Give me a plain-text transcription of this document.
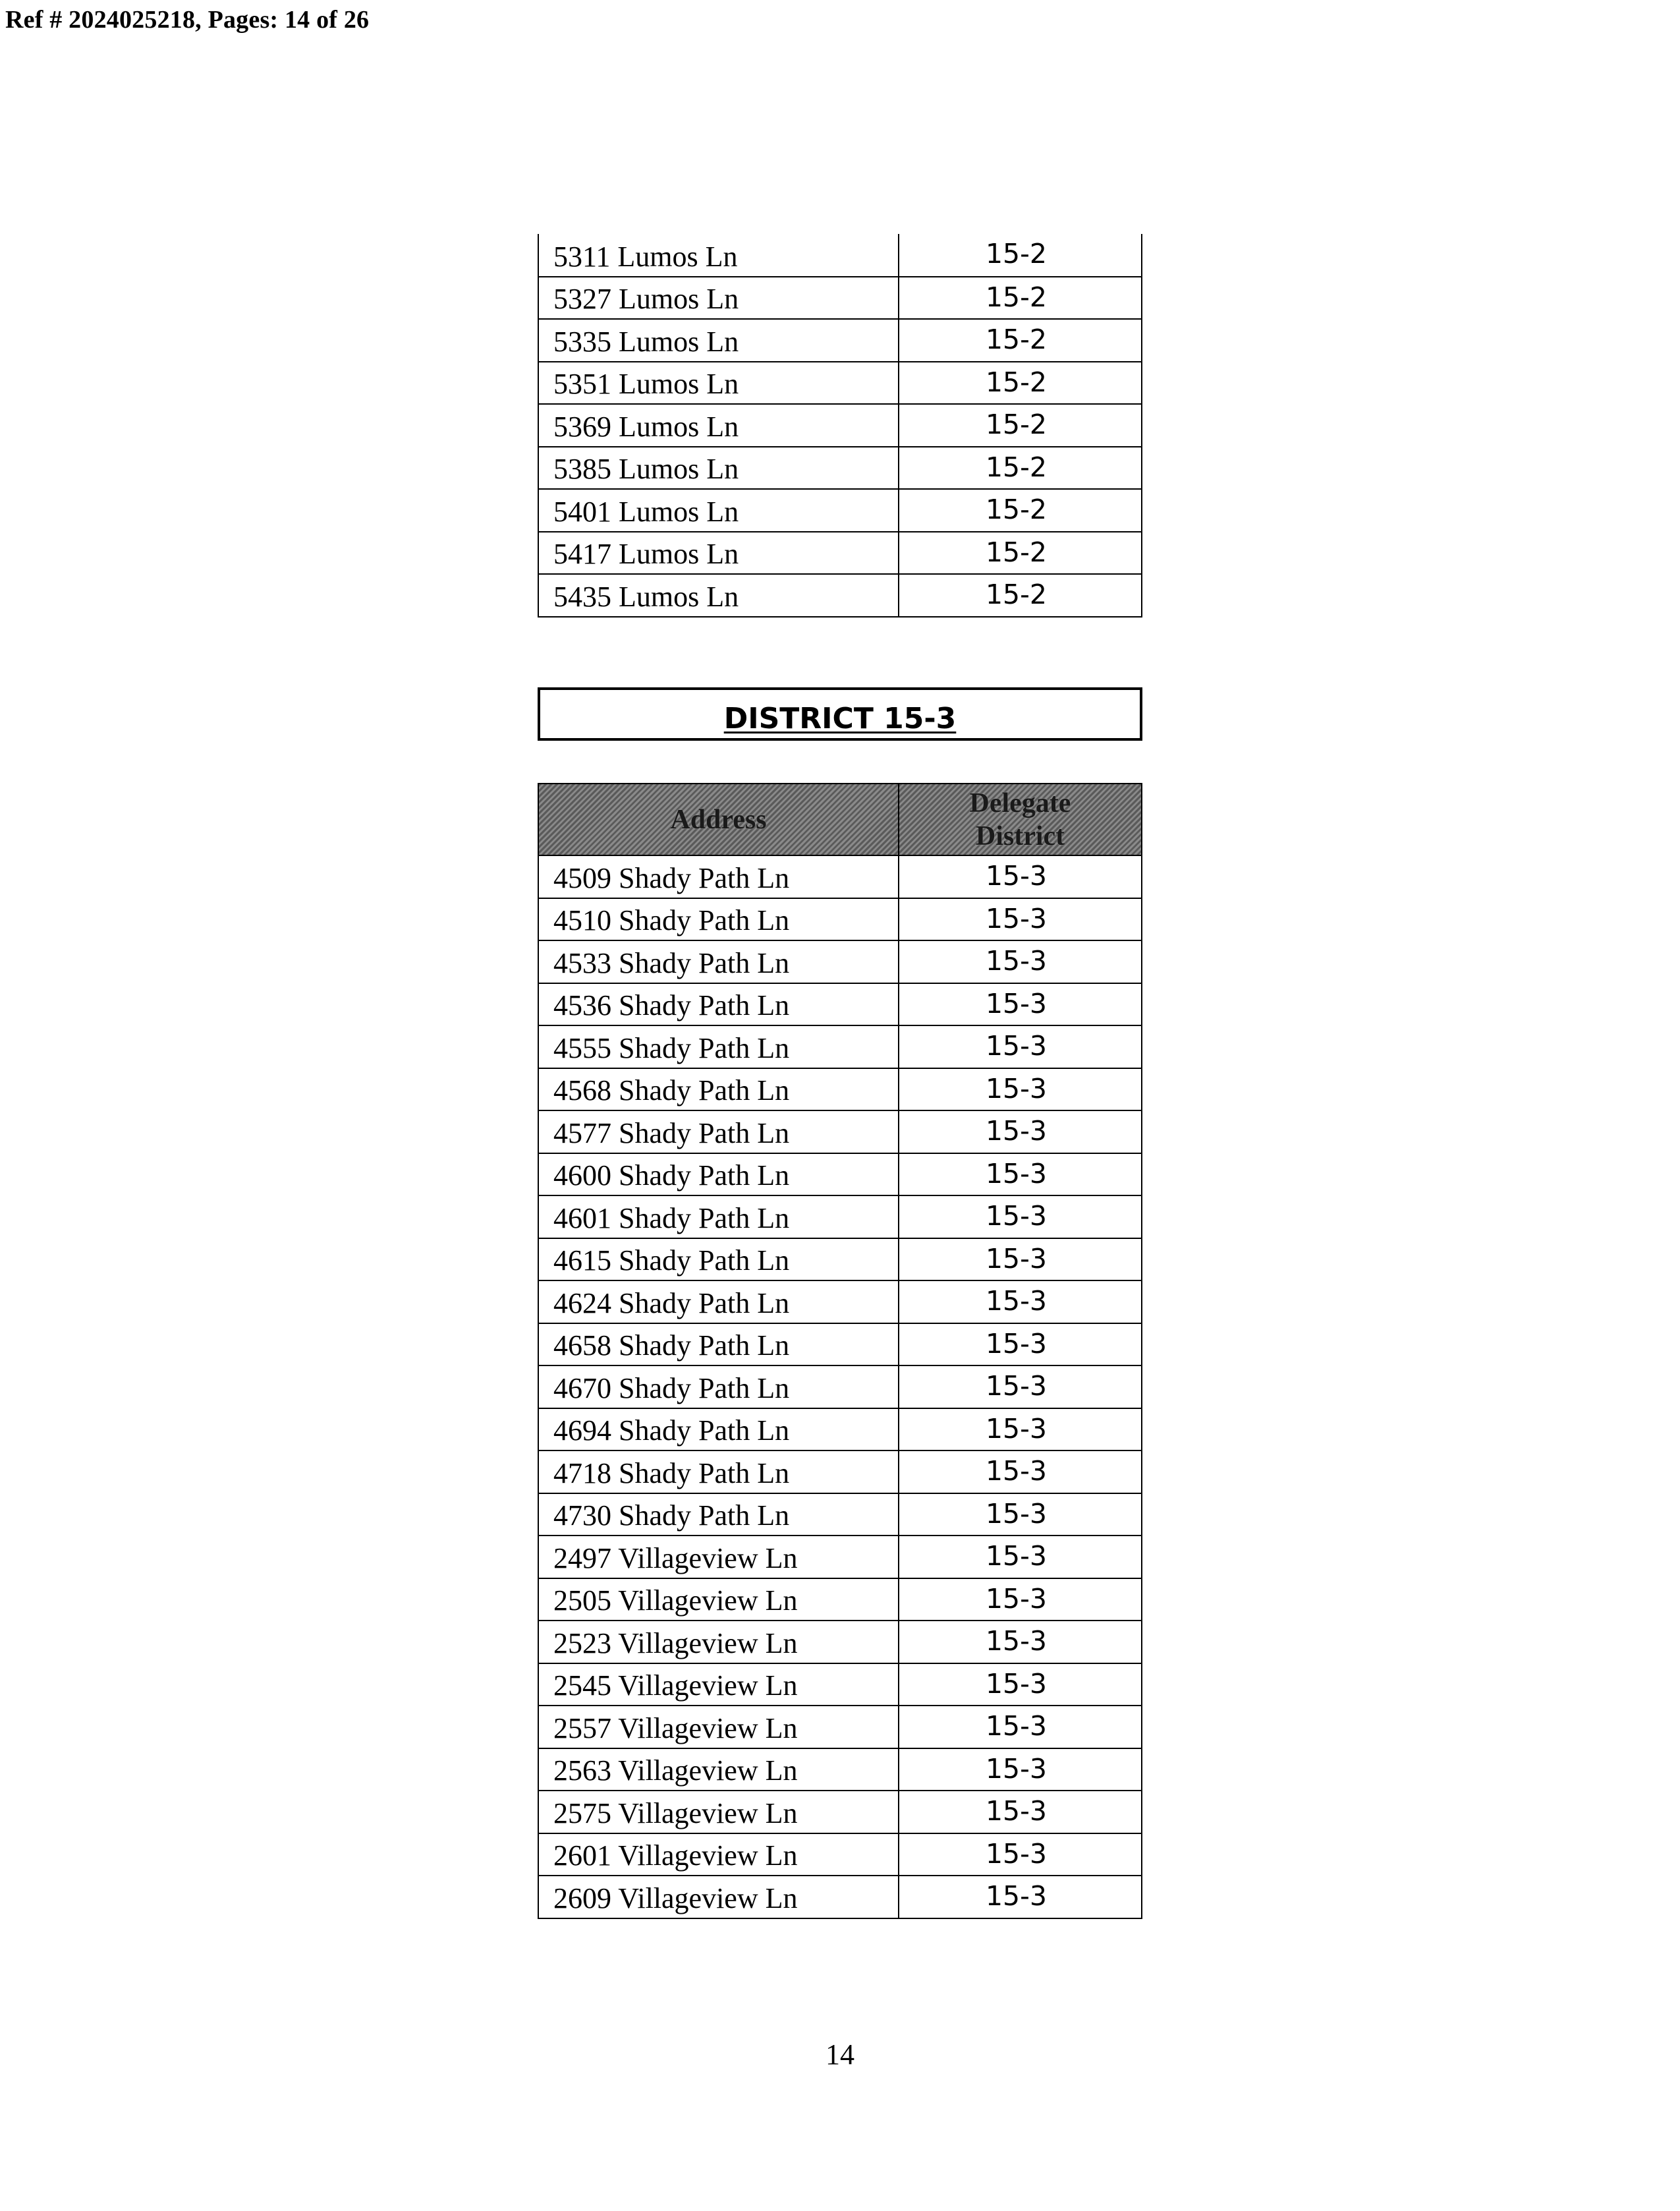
Ref # 2024025218, Pages: 14 of 26
5311 Lumos Ln	15-2
5327 Lumos Ln	15-2
5335 Lumos Ln	15-2
5351 Lumos Ln	15-2
5369 Lumos Ln	15-2
5385 Lumos Ln	15-2
5401 Lumos Ln	15-2
5417 Lumos Ln	15-2
5435 Lumos Ln	15-2
DISTRICT 15-3
Address	Delegate
District
4509 Shady Path Ln	15-3
4510 Shady Path Ln	15-3
4533 Shady Path Ln	15-3
4536 Shady Path Ln	15-3
4555 Shady Path Ln	15-3
4568 Shady Path Ln	15-3
4577 Shady Path Ln	15-3
4600 Shady Path Ln	15-3
4601 Shady Path Ln	15-3
4615 Shady Path Ln	15-3
4624 Shady Path Ln	15-3
4658 Shady Path Ln	15-3
4670 Shady Path Ln	15-3
4694 Shady Path Ln	15-3
4718 Shady Path Ln	15-3
4730 Shady Path Ln	15-3
2497 Villageview Ln	15-3
2505 Villageview Ln	15-3
2523 Villageview Ln	15-3
2545 Villageview Ln	15-3
2557 Villageview Ln	15-3
2563 Villageview Ln	15-3
2575 Villageview Ln	15-3
2601 Villageview Ln	15-3
2609 Villageview Ln	15-3
14
